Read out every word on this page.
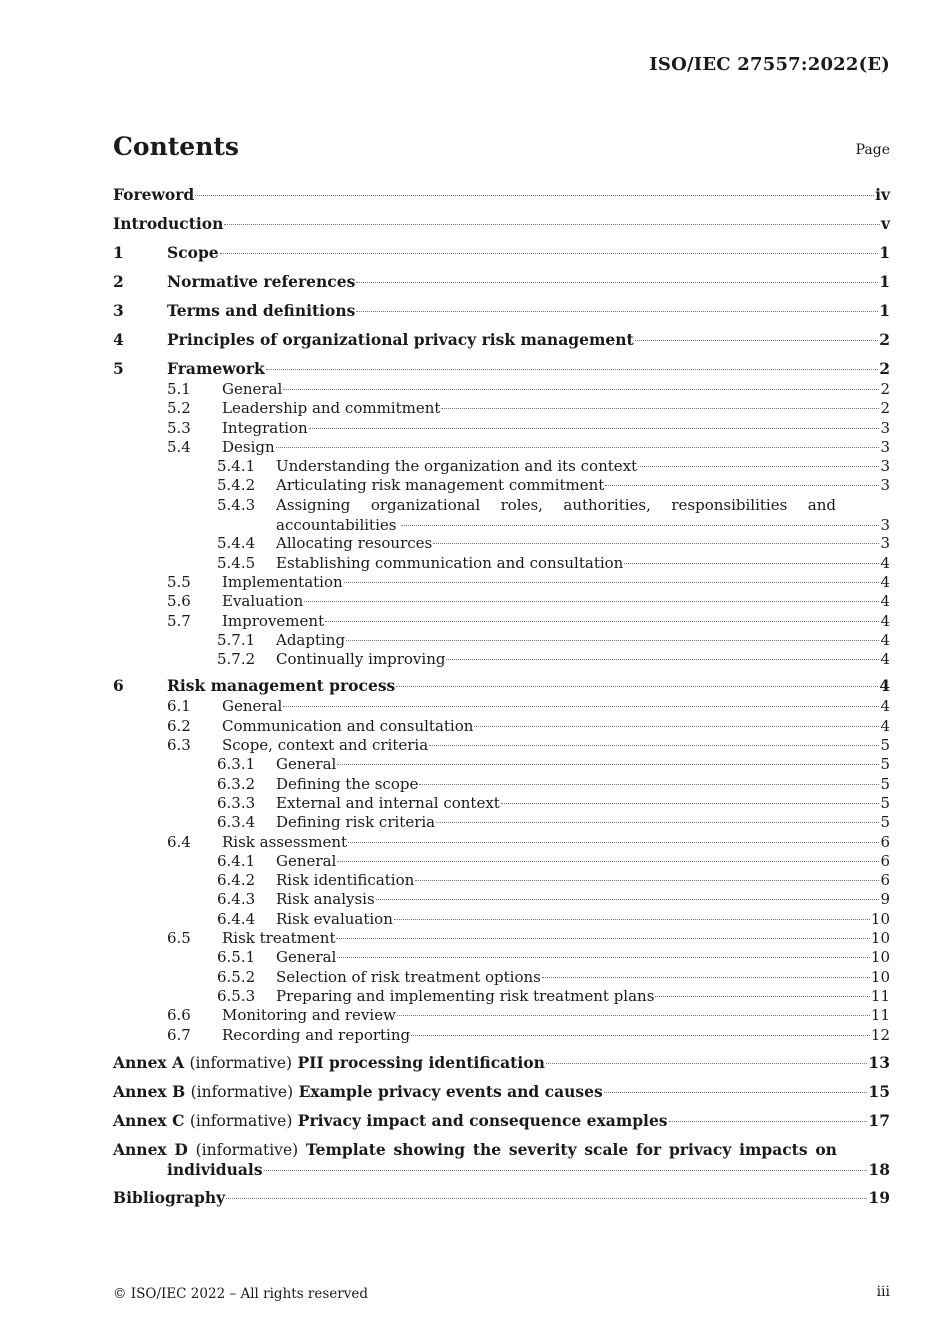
ISO/IEC 27557:2022(E)
Contents	Page
Foreword	iv
Introduction	v
1	Scope	1
2	Normative references	1
3	Terms and definitions	1
4	Principles of organizational privacy risk management	2
5	Framework	2
5.1	General	2
5.2	Leadership and commitment	2
5.3	Integration	3
5.4	Design	3
5.4.1	Understanding the organization and its context	3
5.4.2	Articulating risk management commitment	3
5.4.3	Assigning organizational roles, authorities, responsibilities and
accountabilities	3
5.4.4	Allocating resources	3
5.4.5	Establishing communication and consultation	4
5.5	Implementation	4
5.6	Evaluation	4
5.7	Improvement	4
5.7.1	Adapting	4
5.7.2	Continually improving	4
6	Risk management process	4
6.1	General	4
6.2	Communication and consultation	4
6.3	Scope, context and criteria	5
6.3.1	General	5
6.3.2	Defining the scope	5
6.3.3	External and internal context	5
6.3.4	Defining risk criteria	5
6.4	Risk assessment	6
6.4.1	General	6
6.4.2	Risk identification	6
6.4.3	Risk analysis	9
6.4.4	Risk evaluation	10
6.5	Risk treatment	10
6.5.1	General	10
6.5.2	Selection of risk treatment options	10
6.5.3	Preparing and implementing risk treatment plans	11
6.6	Monitoring and review	11
6.7	Recording and reporting	12
Annex A (informative) PII processing identification	13
Annex B (informative) Example privacy events and causes	15
Annex C (informative) Privacy impact and consequence examples	17
Annex D (informative) Template showing the severity scale for privacy impacts on
individuals	18
Bibliography	19
© ISO/IEC 2022 – All rights reserved	iii
